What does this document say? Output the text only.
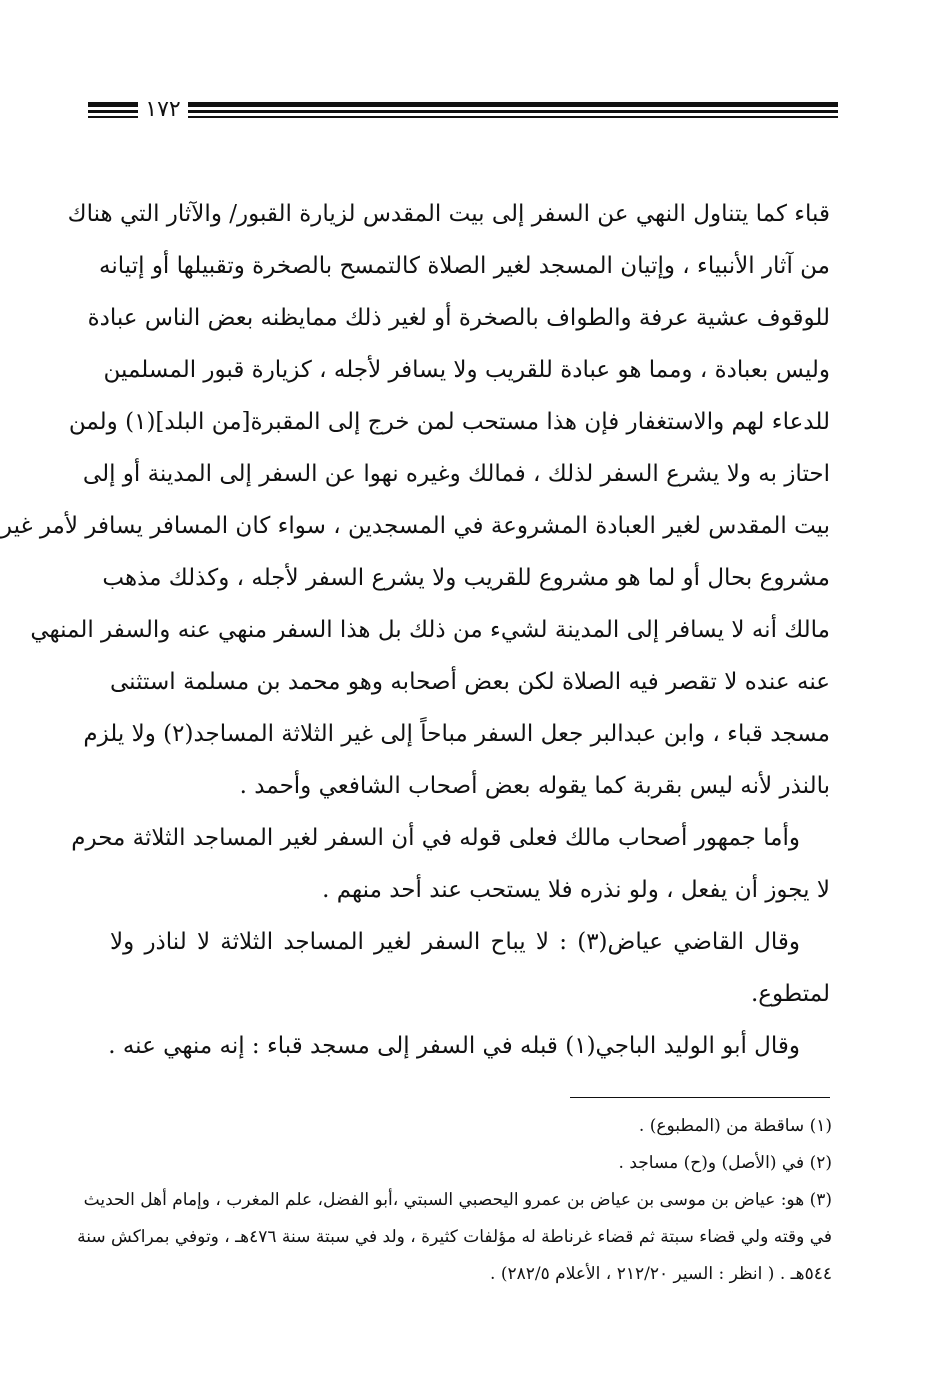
١٧٢
قباء كما يتناول النهي عن السفر إلى بيت المقدس لزيارة القبور/ والآثار التي هناك
من آثار الأنبياء ، وإتيان المسجد لغير الصلاة كالتمسح بالصخرة وتقبيلها أو إتيانه
للوقوف عشية عرفة والطواف بالصخرة أو لغير ذلك ممايظنه بعض الناس عبادة
وليس بعبادة ، ومما هو عبادة للقريب ولا يسافر لأجله ، كزيارة قبور المسلمين
للدعاء لهم والاستغفار فإن هذا مستحب لمن خرج إلى المقبرة[من البلد](١) ولمن
احتاز به ولا يشرع السفر لذلك ، فمالك وغيره نهوا عن السفر إلى المدينة أو إلى
بيت المقدس لغير العبادة المشروعة في المسجدين ، سواء كان المسافر يسافر لأمر غير
مشروع بحال أو لما هو مشروع للقريب ولا يشرع السفر لأجله ، وكذلك مذهب
مالك أنه لا يسافر إلى المدينة لشيء من ذلك بل هذا السفر منهي عنه والسفر المنهي
عنه عنده لا تقصر فيه الصلاة لكن بعض أصحابه وهو محمد بن مسلمة استثنى
مسجد قباء ، وابن عبدالبر جعل السفر مباحاً إلى غير الثلاثة المساجد(٢) ولا يلزم
بالنذر لأنه ليس بقربة كما يقوله بعض أصحاب الشافعي وأحمد .
وأما جمهور أصحاب مالك فعلى قوله في أن السفر لغير المساجد الثلاثة محرم
لا يجوز أن يفعل ، ولو نذره فلا يستحب عند أحد منهم .
وقال القاضي عياض(٣) : لا يباح السفر لغير المساجد الثلاثة لا لناذر ولا
لمتطوع.
وقال أبو الوليد الباجي(١) قبله في السفر إلى مسجد قباء : إنه منهي عنه .
(١) ساقطة من (المطبوع) .
(٢) في (الأصل) و(ح) مساجد .
(٣) هو: عياض بن موسى بن عياض بن عمرو اليحصبي السبتي ،أبو الفضل، علم المغرب ، وإمام أهل الحديث
في وقته ولي قضاء سبتة ثم قضاء غرناطة له مؤلفات كثيرة ، ولد في سبتة سنة ٤٧٦هـ ، وتوفي بمراكش سنة
٥٤٤هـ . ( انظر : السير ٢١٢/٢٠ ، الأعلام ٢٨٢/٥) .
